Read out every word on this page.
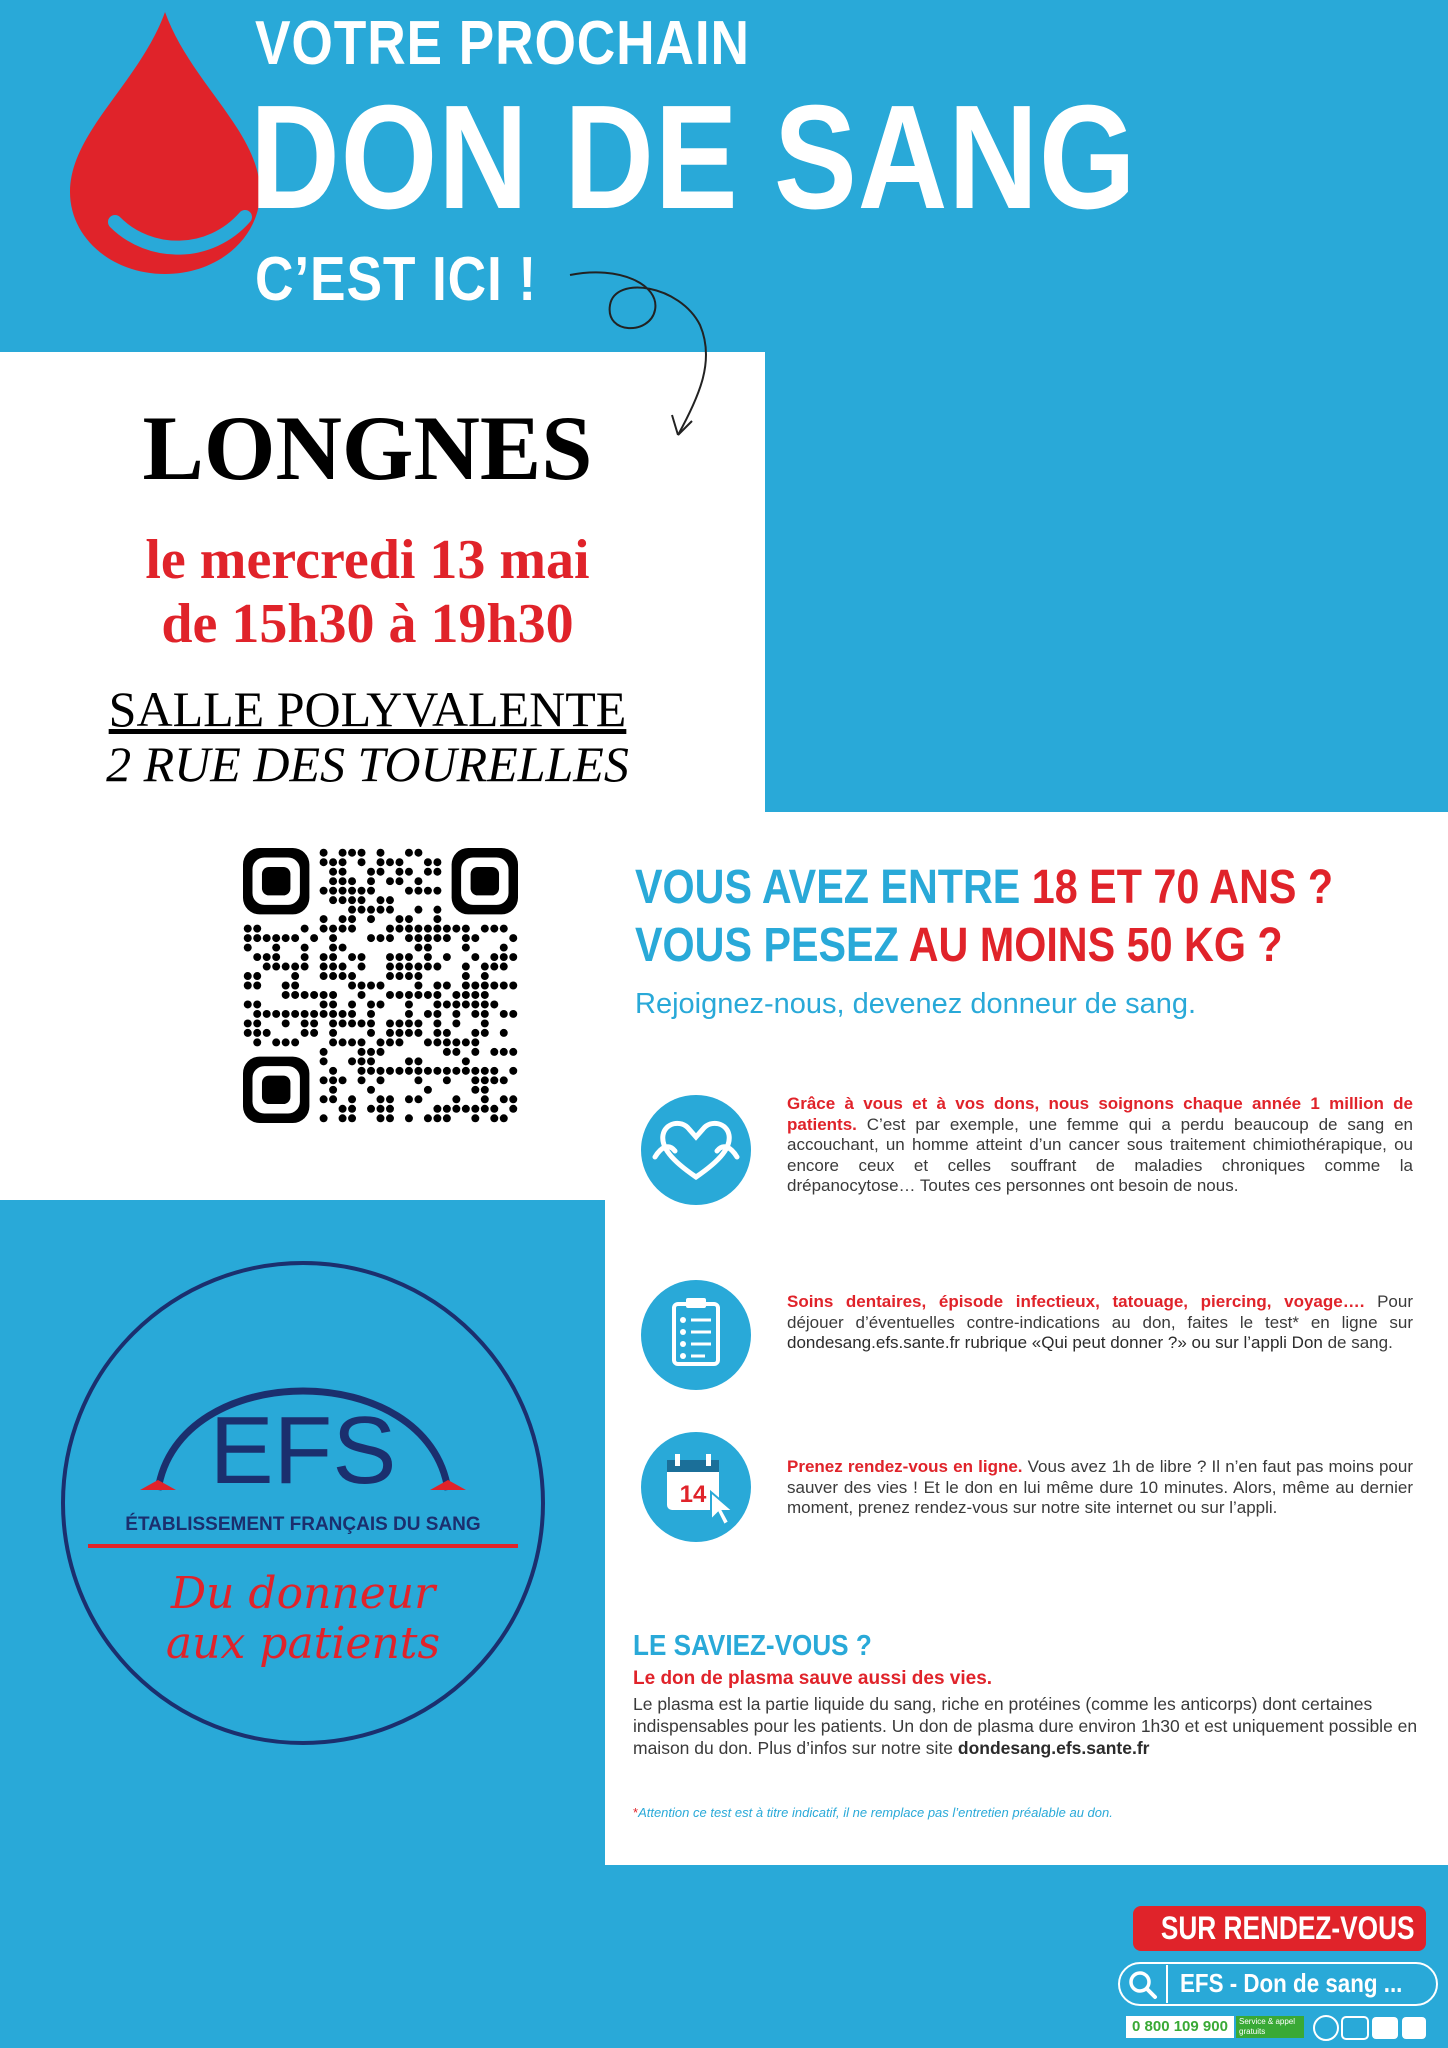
VOTRE PROCHAIN
DON DE SANG
C’EST ICI !
LONGNES
le mercredi 13 mai
de 15h30 à 19h30
SALLE POLYVALENTE
2 RUE DES TOURELLES
VOUS AVEZ ENTRE 18 ET 70 ANS ?
VOUS PESEZ AU MOINS 50 KG ?
Rejoignez-nous, devenez donneur de sang.
14
Grâce à vous et à vos dons, nous soignons chaque année 1 million de patients. C’est par exemple, une femme qui a perdu beaucoup de sang en accouchant, un homme atteint d’un cancer sous traitement chimiothérapique, ou encore ceux et celles souffrant de maladies chroniques comme la drépanocytose… Toutes ces personnes ont besoin de nous.
Soins dentaires, épisode infectieux, tatouage, piercing, voyage…. Pour déjouer d’éventuelles contre-indications au don, faites le test* en ligne sur dondesang.efs.sante.fr rubrique «Qui peut donner ?» ou sur l’appli Don de sang.
Prenez rendez-vous en ligne. Vous avez 1h de libre ? Il n’en faut pas moins pour sauver des vies ! Et le don en lui même dure 10 minutes. Alors, même au dernier moment, prenez rendez-vous sur notre site internet ou sur l’appli.
LE SAVIEZ-VOUS ?
Le don de plasma sauve aussi des vies.
Le plasma est la partie liquide du sang, riche en protéines (comme les anticorps) dont certaines indispensables pour les patients. Un don de plasma dure environ 1h30 et est uniquement possible en maison du don. Plus d’infos sur notre site dondesang.efs.sante.fr
*Attention ce test est à titre indicatif, il ne remplace pas l’entretien préalable au don.
EFS
ÉTABLISSEMENT FRANÇAIS DU SANG
Du donneur
aux patients
SUR RENDEZ-VOUS
EFS - Don de sang ...
0 800 109 900	Service & appel gratuits
